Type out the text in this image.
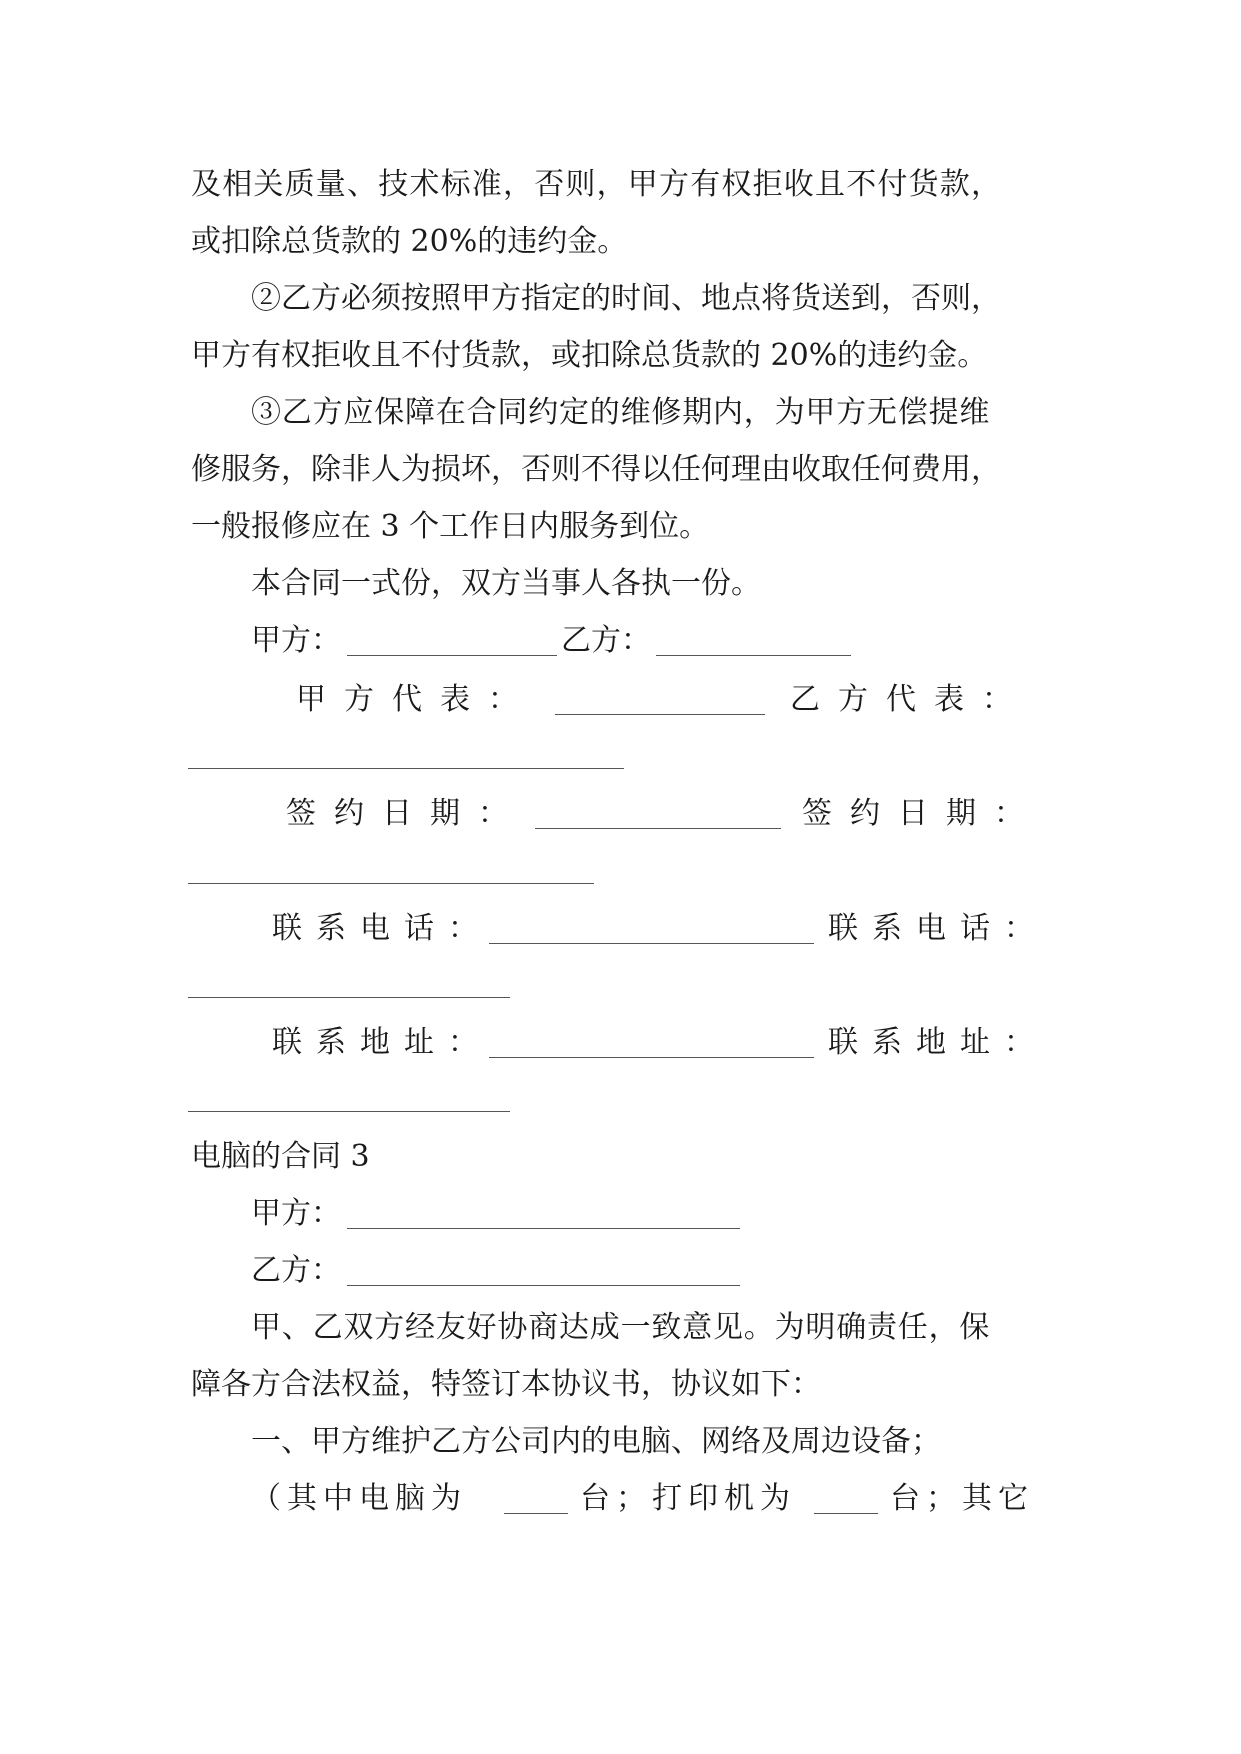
及相关质量、技术标准，否则，甲方有权拒收且不付货款，
或扣除总货款的 20%的违约金。
②乙方必须按照甲方指定的时间、地点将货送到，否则，
甲方有权拒收且不付货款，或扣除总货款的 20%的违约金。
③乙方应保障在合同约定的维修期内，为甲方无偿提维
修服务，除非人为损坏，否则不得以任何理由收取任何费用，
一般报修应在 3 个工作日内服务到位。
本合同一式份，双方当事人各执一份。
甲方：	乙方：
甲方代表：	乙方代表：
签约日期：	签约日期：
联系电话：	联系电话：
联系地址：	联系地址：
电脑的合同 3
甲方：
乙方：
甲、乙双方经友好协商达成一致意见。为明确责任，保
障各方合法权益，特签订本协议书，协议如下：
一、甲方维护乙方公司内的电脑、网络及周边设备；
（其中电脑为	台；打印机为	台；其它
